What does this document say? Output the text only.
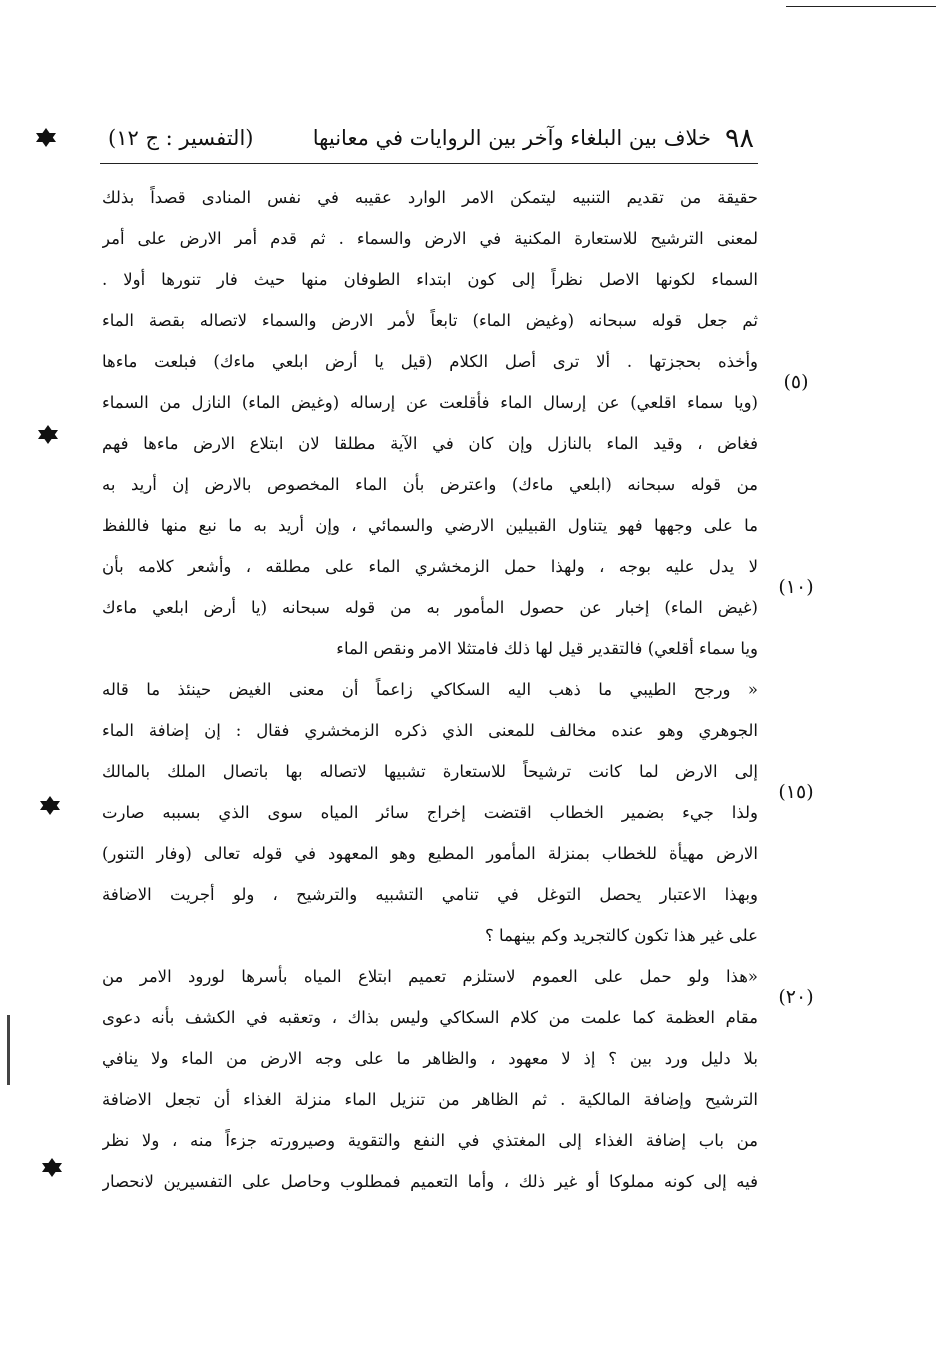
٩٨
خلاف بين البلغاء وآخر بين الروايات في معانيها
(التفسير : ج ١٢)
حقيقة من تقديم التنبيه ليتمكن الامر الوارد عقيبه في نفس المنادى قصداً بذلك
لمعنى الترشيح للاستعارة المكنية في الارض والسماء . ثم قدم أمر الارض على أمر
السماء لكونها الاصل نظراً إلى كون ابتداء الطوفان منها حيث فار تنورها أولا .
ثم جعل قوله سبحانه (وغيض الماء) تابعاً لأمر الارض والسماء لاتصاله بقصة الماء
وأخذه بحجزتها . ألا ترى أصل الكلام (قيل يا أرض ابلعي ماءك) فبلعت ماءها
(ويا سماء اقلعي) عن إرسال الماء فأقلعت عن إرساله (وغيض الماء) النازل من السماء
فغاض ، وقيد الماء بالنازل وإن كان في الآية مطلقا لان ابتلاع الارض ماءها فهم
من قوله سبحانه (ابلعي ماءك) واعترض بأن الماء المخصوص بالارض إن أريد به
ما على وجهها فهو يتناول القبيلين الارضي والسمائي ، وإن أريد به ما نبع منها فاللفظ
لا يدل عليه بوجه ، ولهذا حمل الزمخشري الماء على مطلقه ، وأشعر كلامه بأن
(غيض الماء) إخبار عن حصول المأمور به من قوله سبحانه (يا أرض ابلعي ماءك
ويا سماء أقلعي) فالتقدير قيل لها ذلك فامتثلا الامر ونقص الماء
« ورجح الطيبي ما ذهب اليه السكاكي زاعماً أن معنى الغيض حينئذ ما قاله
الجوهري وهو عنده مخالف للمعنى الذي ذكره الزمخشري فقال : إن إضافة الماء
إلى الارض لما كانت ترشيحاً للاستعارة تشبيها لاتصاله بها باتصال الملك بالمالك
ولذا جيء بضمير الخطاب اقتضت إخراج سائر المياه سوى الذي بسببه صارت
الارض مهيأة للخطاب بمنزلة المأمور المطيع وهو المعهود في قوله تعالى (وفار التنور)
وبهذا الاعتبار يحصل التوغل في تنامي التشبيه والترشيح ، ولو أجريت الاضافة
على غير هذا تكون كالتجريد وكم بينهما ؟
«هذا ولو حمل على العموم لاستلزم تعميم ابتلاع المياه بأسرها لورود الامر من
مقام العظمة كما علمت من كلام السكاكي وليس بذاك ، وتعقبه في الكشف بأنه دعوى
بلا دليل ورد بين ؟ إذ لا معهود ، والظاهر ما على وجه الارض من الماء ولا ينافي
الترشيح وإضافة المالكية . ثم الظاهر من تنزيل الماء منزلة الغذاء أن تجعل الاضافة
من باب إضافة الغذاء إلى المغتذي في النفع والتقوية وصيرورته جزءاً منه ، ولا نظر
فيه إلى كونه مملوكا أو غير ذلك ، وأما التعميم فمطلوب وحاصل على التفسيرين لانحصار
(٥)
(١٠)
(١٥)
(٢٠)
